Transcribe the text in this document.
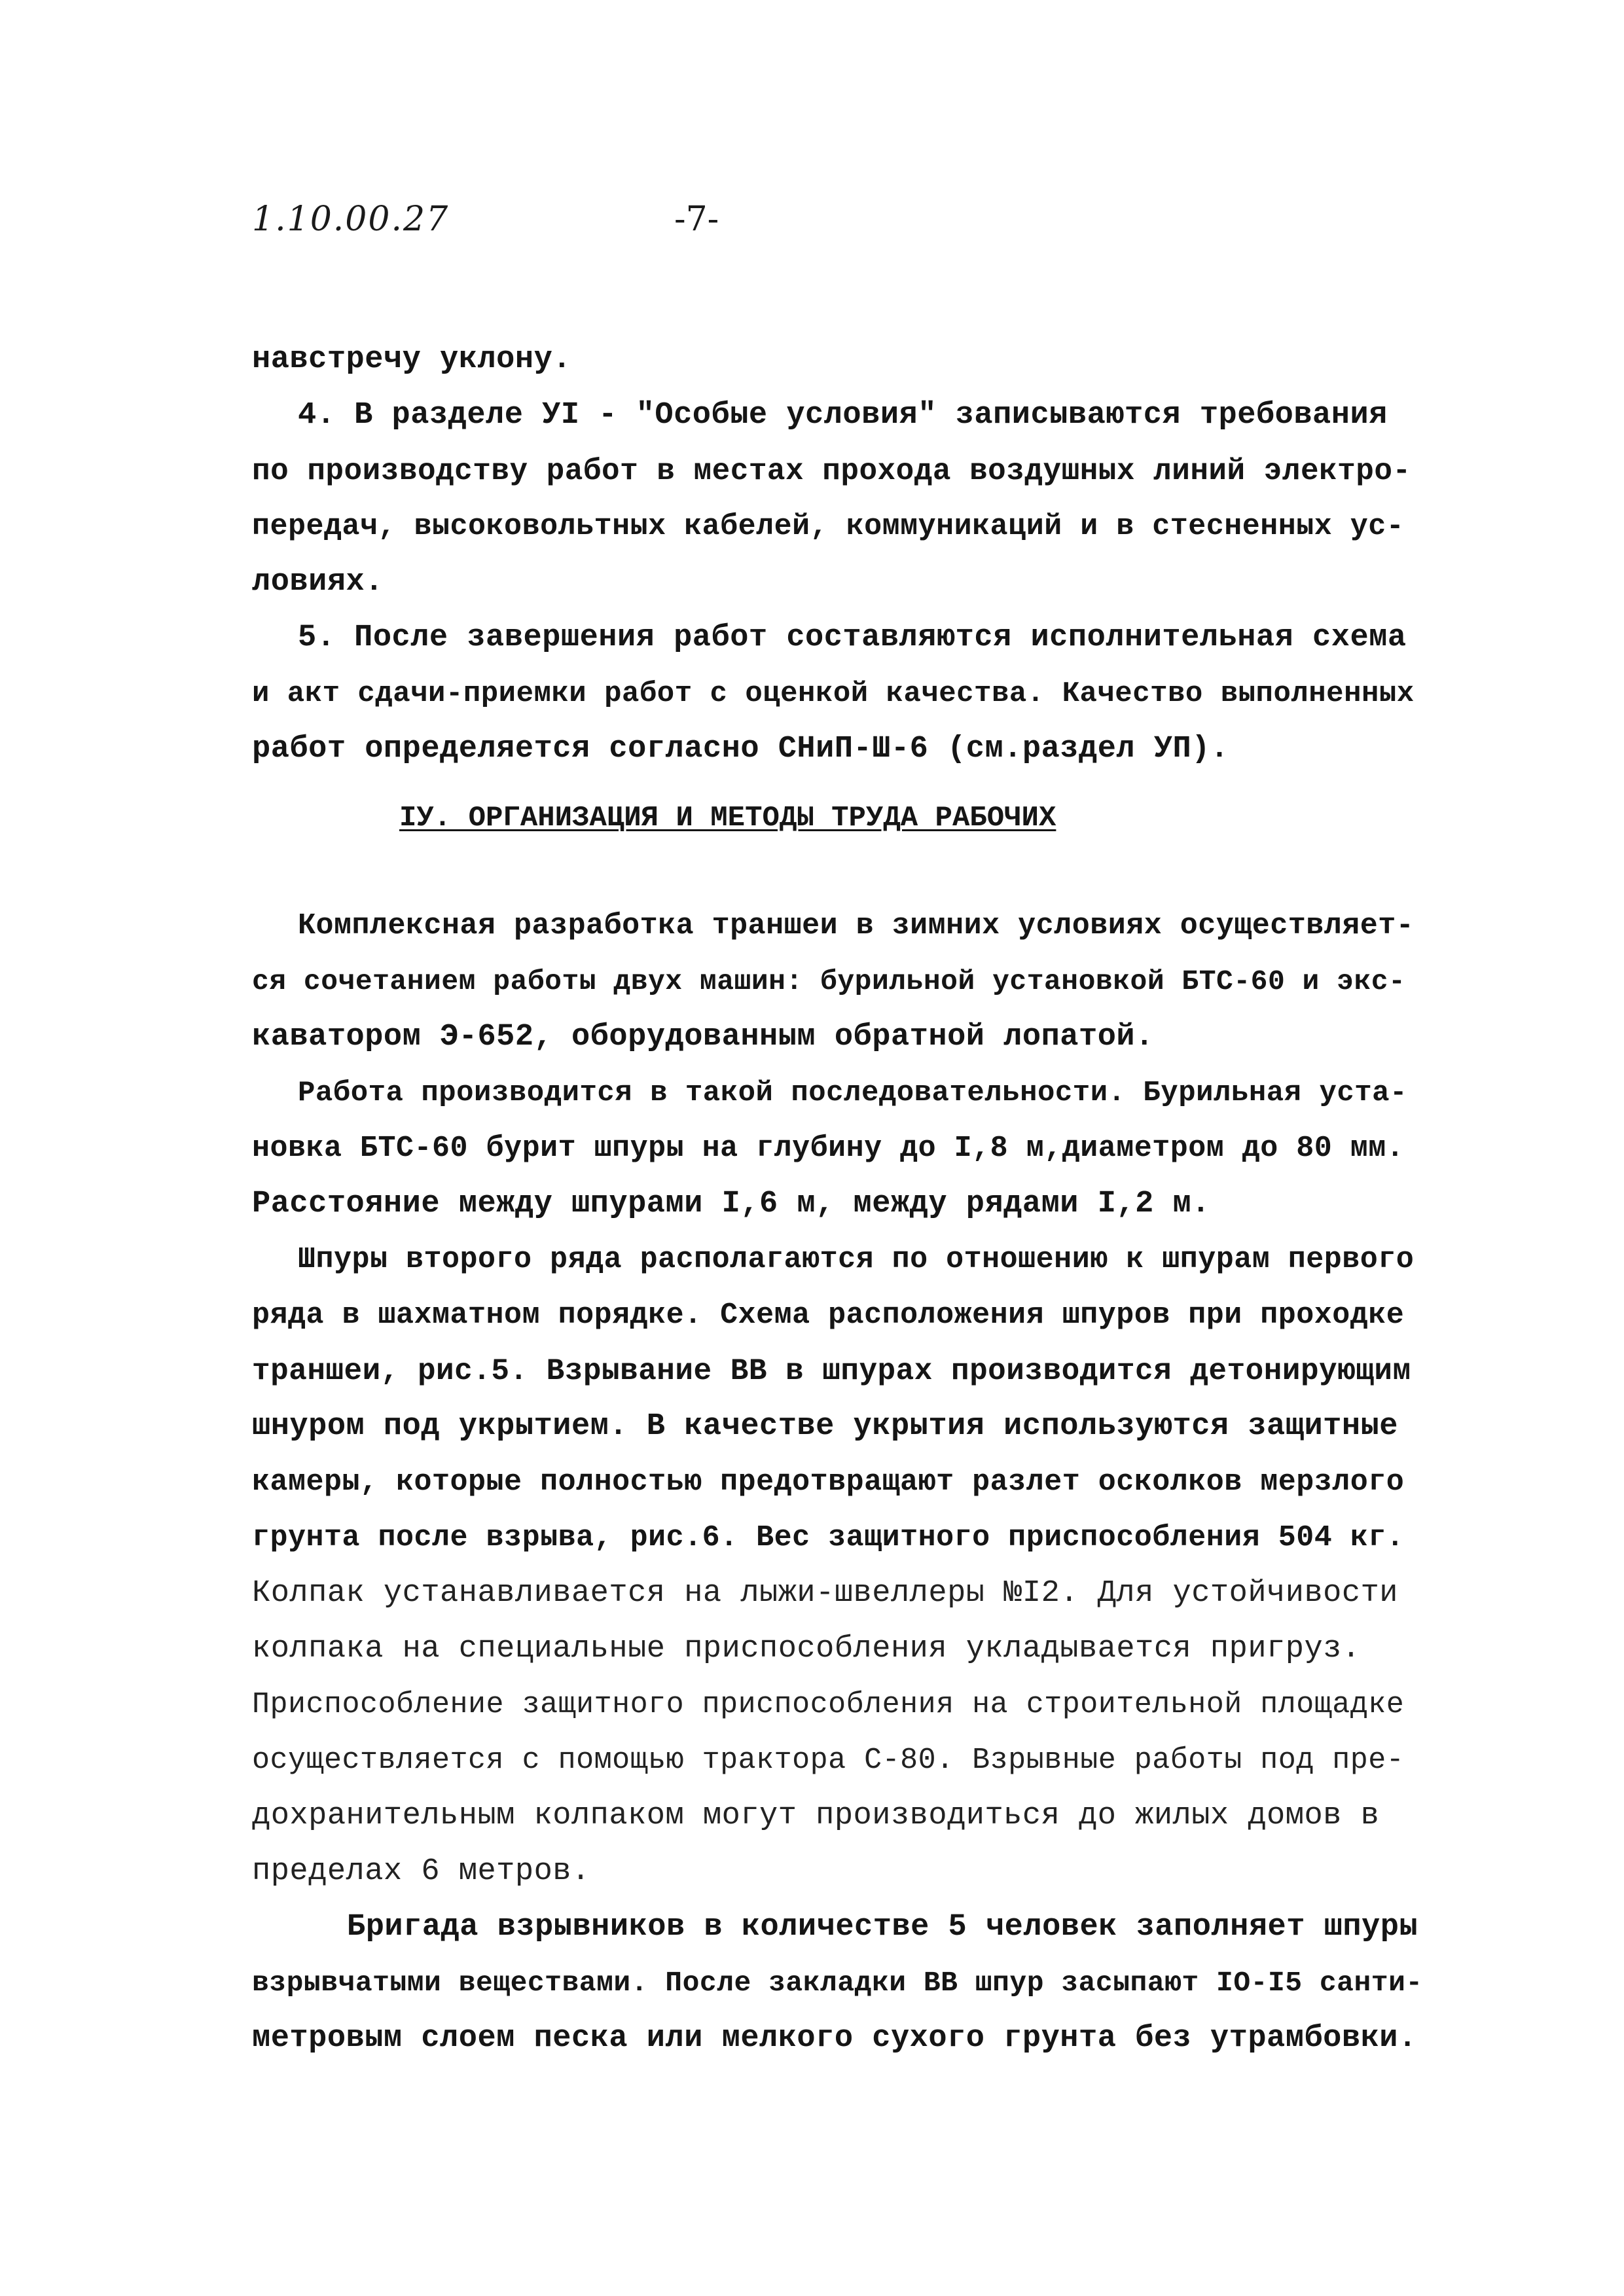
1.10.00.27	-7-
навстречу уклону.
4. В разделе УI - "Особые условия" записываются требования
по производству работ в местах прохода воздушных линий электро-
передач, высоковольтных кабелей, коммуникаций и в стесненных ус-
ловиях.
5. После завершения работ составляются исполнительная схема
и акт сдачи-приемки работ с оценкой качества. Качество выполненных
работ определяется согласно СНиП-Ш-6 (см.раздел УП).
IУ. ОРГАНИЗАЦИЯ И МЕТОДЫ ТРУДА РАБОЧИХ
Комплексная разработка траншеи в зимних условиях осуществляет-
ся сочетанием работы двух машин: бурильной установкой БТС-60 и экс-
каватором Э-652, оборудованным обратной лопатой.
Работа производится в такой последовательности. Бурильная уста-
новка БТС-60 бурит шпуры на глубину до I,8 м,диаметром до 80 мм.
Расстояние между шпурами I,6 м, между рядами I,2 м.
Шпуры второго ряда располагаются по отношению к шпурам первого
ряда в шахматном порядке. Схема расположения шпуров при проходке
траншеи, рис.5. Взрывание ВВ в шпурах производится детонирующим
шнуром под укрытием. В качестве укрытия используются защитные
камеры, которые полностью предотвращают разлет осколков мерзлого
грунта после взрыва, рис.6. Вес защитного приспособления 504 кг.
Колпак устанавливается на лыжи-швеллеры №I2. Для устойчивости
колпака на специальные приспособления укладывается пригруз.
Приспособление защитного приспособления на строительной площадке
осуществляется с помощью трактора С-80. Взрывные работы под пре-
дохранительным колпаком могут производиться до жилых домов в
пределах 6 метров.
Бригада взрывников в количестве 5 человек заполняет шпуры
взрывчатыми веществами. После закладки ВВ шпур засыпают IO-I5 санти-
метровым слоем песка или мелкого сухого грунта без утрамбовки.
